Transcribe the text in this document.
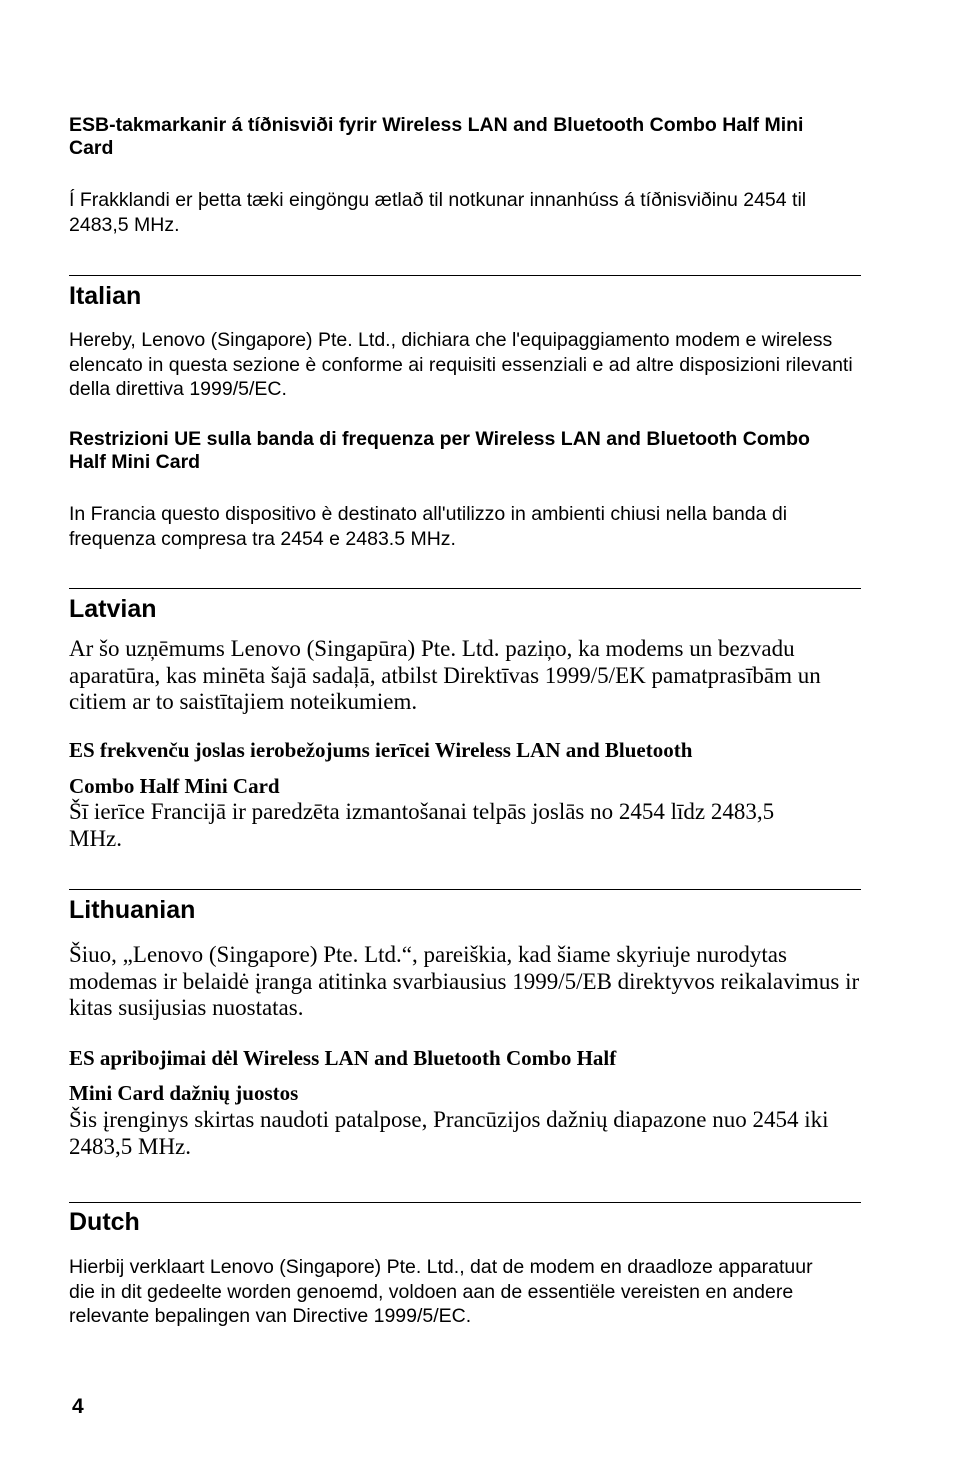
ESB-takmarkanir á tíðnisviði fyrir Wireless LAN and Bluetooth Combo Half Mini Card

Í Frakklandi er þetta tæki eingöngu ætlað til notkunar innanhúss á tíðnisviðinu 2454 til 2483,5 MHz.

Italian

Hereby, Lenovo (Singapore) Pte. Ltd., dichiara che l'equipaggiamento modem e wireless elencato in questa sezione è conforme ai requisiti essenziali e ad altre disposizioni rilevanti della direttiva 1999/5/EC.

Restrizioni UE sulla banda di frequenza per Wireless LAN and Bluetooth Combo Half Mini Card

In Francia questo dispositivo è destinato all'utilizzo in ambienti chiusi nella banda di frequenza compresa tra 2454 e 2483.5 MHz.

Latvian

Ar šo uzņēmums Lenovo (Singapūra) Pte. Ltd. paziņo, ka modems un bezvadu aparatūra, kas minēta šajā sadaļā, atbilst Direktīvas 1999/5/EK pamatprasībām un citiem ar to saistītajiem noteikumiem.

ES frekvenču joslas ierobežojums ierīcei Wireless LAN and Bluetooth

Combo Half Mini Card

Šī ierīce Francijā ir paredzēta izmantošanai telpās joslās no 2454 līdz 2483,5 MHz.

Lithuanian

Šiuo, „Lenovo (Singapore) Pte. Ltd.“, pareiškia, kad šiame skyriuje nurodytas modemas ir belaidė įranga atitinka svarbiausius 1999/5/EB direktyvos reikalavimus ir kitas susijusias nuostatas.

ES apribojimai dėl Wireless LAN and Bluetooth Combo Half

Mini Card dažnių juostos

Šis įrenginys skirtas naudoti patalpose, Prancūzijos dažnių diapazone nuo 2454 iki 2483,5 MHz.

Dutch

Hierbij verklaart Lenovo (Singapore) Pte. Ltd., dat de modem en draadloze apparatuur die in dit gedeelte worden genoemd, voldoen aan de essentiële vereisten en andere relevante bepalingen van Directive 1999/5/EC.

4
